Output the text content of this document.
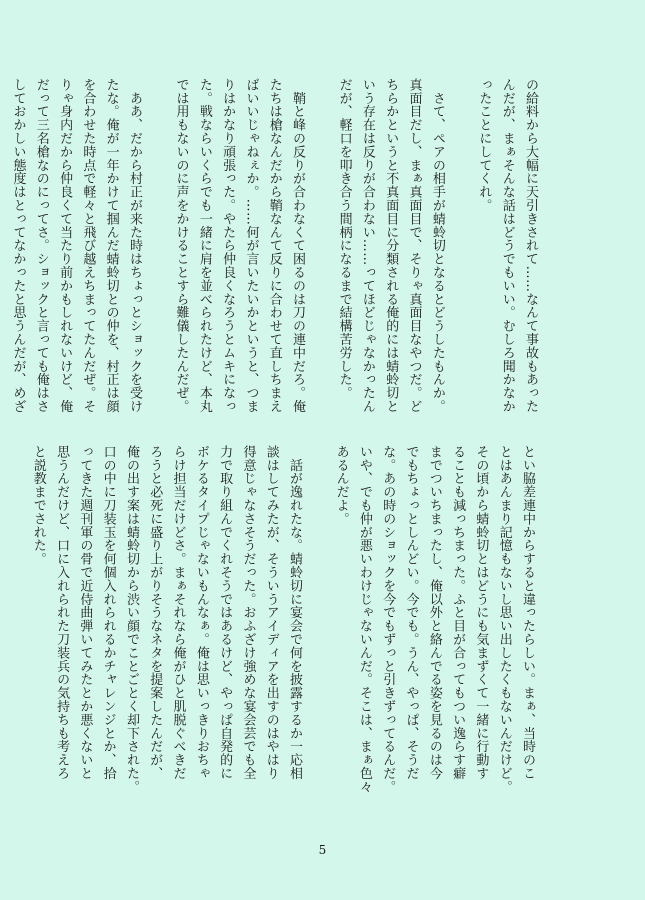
の給料から大幅に天引きされて……なんて事故もあった
んだが、まぁそんな話はどうでもいい。むしろ聞かなか
ったことにしてくれ。
　さて、ペアの相手が蜻蛉切となるとどうしたもんか。
真面目だし、まぁ真面目で、そりゃ真面目なやつだ。ど
ちらかというと不真面目に分類される俺的には蜻蛉切と
いう存在は反りが合わない……ってほどじゃなかったん
だが、軽口を叩き合う間柄になるまで結構苦労した。
　鞘と峰の反りが合わなくて困るのは刀の連中だろ。俺
たちは槍なんだから鞘なんて反りに合わせて直しちまえ
ばいいじゃねぇか。……何が言いたいかというと、つま
りはかなり頑張った。やたら仲良くなろうとムキになっ
た。戦ならいくらでも一緒に肩を並べられたけど、本丸
では用もないのに声をかけることすら難儀したんだぜ。
　ああ、だから村正が来た時はちょっとショックを受け
たな。俺が一年かけて掴んだ蜻蛉切との仲を、村正は顔
を合わせた時点で軽々と飛び越えちまってたんだぜ。そ
りゃ身内だから仲良くて当たり前かもしれないけど、俺
だって三名槍なのにってさ。ショックと言っても俺はさ
しておかしい態度はとってなかったと思うんだが、めざ
とい脇差連中からすると違ったらしい。まぁ、当時のこ
とはあんまり記憶もないし思い出したくもないんだけど。
その頃から蜻蛉切とはどうにも気まずくて一緒に行動す
ることも減っちまった。ふと目が合ってもつい逸らす癖
までついちまったし、俺以外と絡んでる姿を見るのは今
でもちょっとしんどい。今でも。うん、やっぱ、そうだ
な。あの時のショックを今でもずっと引きずってるんだ。
いや、でも仲が悪いわけじゃないんだ。そこは、まぁ色々
あるんだよ。
　話が逸れたな。蜻蛉切に宴会で何を披露するか一応相
談はしてみたが、そういうアイディアを出すのはやはり
得意じゃなさそうだった。おふざけ強めな宴会芸でも全
力で取り組んでくれそうではあるけど、やっぱ自発的に
ボケるタイプじゃないもんなぁ。俺は思いっきりおちゃ
らけ担当だけどさ。まぁそれなら俺がひと肌脱ぐべきだ
ろうと必死に盛り上がりそうなネタを提案したんだが、
俺の出す案は蜻蛉切から渋い顔でことごとく却下された。
口の中に刀装玉を何個入れられるかチャレンジとか、拾
ってきた週刊軍の骨で近侍曲弾いてみたとか悪くないと
思うんだけど、口に入れられた刀装兵の気持ちも考えろ
と説教までされた。
5
